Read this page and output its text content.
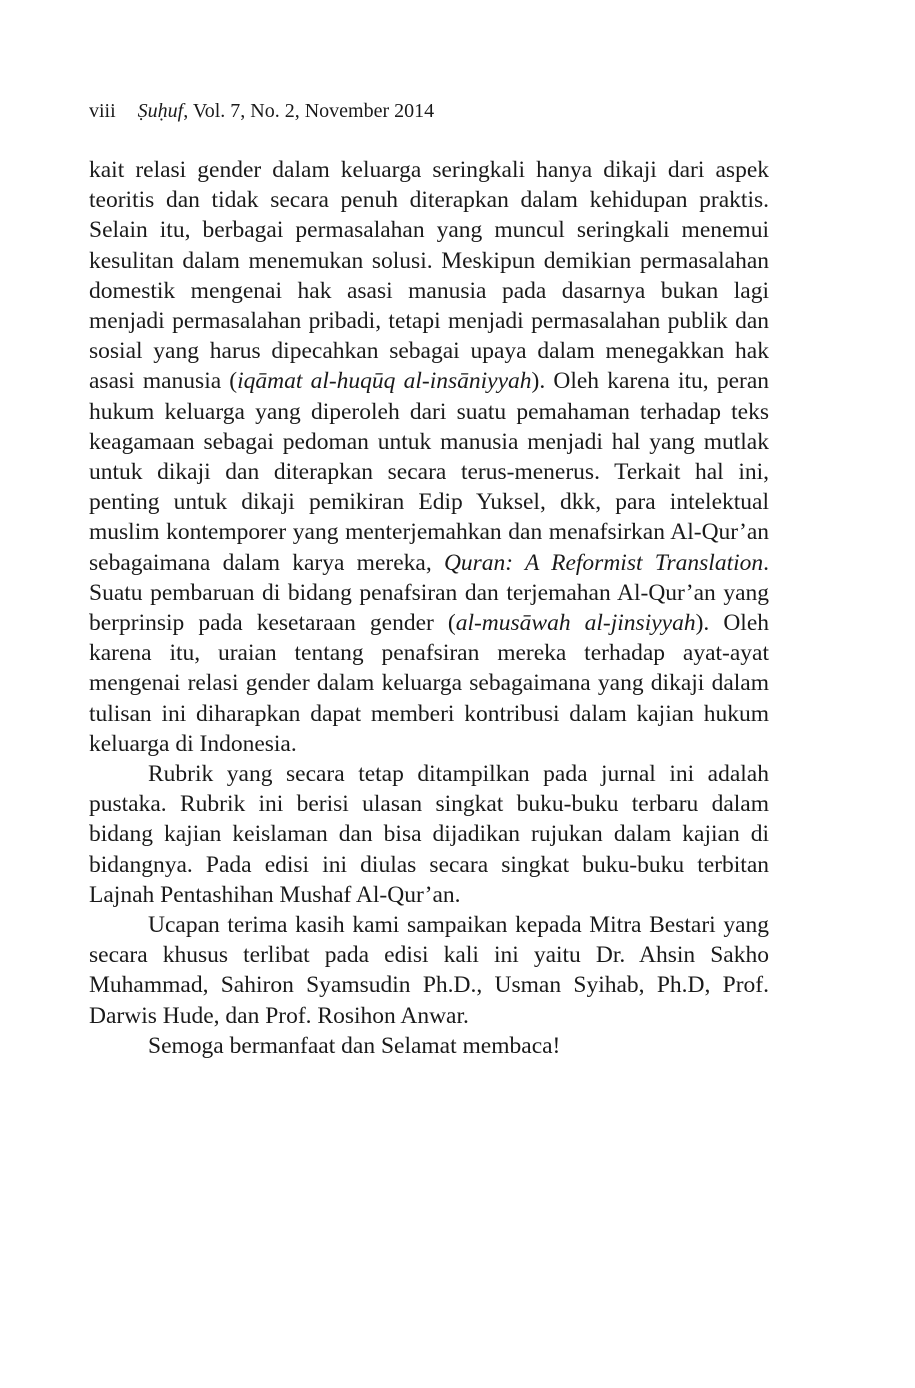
viii Ṣuḥuf, Vol. 7, No. 2, November 2014

kait relasi gender dalam keluarga seringkali hanya dikaji dari aspek teoritis dan tidak secara penuh diterapkan dalam kehidupan praktis. Selain itu, berbagai permasalahan yang muncul seringkali menemui kesulitan dalam menemukan solusi. Meskipun demikian permasalahan domestik mengenai hak asasi manusia pada dasarnya bukan lagi menjadi permasalahan pribadi, tetapi menjadi permasalahan publik dan sosial yang harus dipecahkan sebagai upaya dalam menegakkan hak asasi manusia (iqāmat al-huqūq al-insāniyyah). Oleh karena itu, peran hukum keluarga yang diperoleh dari suatu pemahaman terhadap teks keagamaan sebagai pedoman untuk manusia menjadi hal yang mutlak untuk dikaji dan diterapkan secara terus-menerus. Terkait hal ini, penting untuk dikaji pemikiran Edip Yuksel, dkk, para intelektual muslim kontemporer yang menterjemahkan dan menafsirkan Al-Qur’an sebagaimana dalam karya mereka, Quran: A Reformist Translation. Suatu pembaruan di bidang penafsiran dan terjemahan Al-Qur’an yang berprinsip pada kesetaraan gender (al-musāwah al-jinsiyyah). Oleh karena itu, uraian tentang penafsiran mereka terhadap ayat-ayat mengenai relasi gender dalam keluarga sebagaimana yang dikaji dalam tulisan ini diharapkan dapat memberi kontribusi dalam kajian hukum keluarga di Indonesia.

Rubrik yang secara tetap ditampilkan pada jurnal ini adalah pustaka. Rubrik ini berisi ulasan singkat buku-buku terbaru dalam bidang kajian keislaman dan bisa dijadikan rujukan dalam kajian di bidangnya. Pada edisi ini diulas secara singkat buku-buku terbitan Lajnah Pentashihan Mushaf Al-Qur’an.

Ucapan terima kasih kami sampaikan kepada Mitra Bestari yang secara khusus terlibat pada edisi kali ini yaitu Dr. Ahsin Sakho Muhammad, Sahiron Syamsudin Ph.D., Usman Syihab, Ph.D, Prof. Darwis Hude, dan Prof. Rosihon Anwar.

Semoga bermanfaat dan Selamat membaca!
